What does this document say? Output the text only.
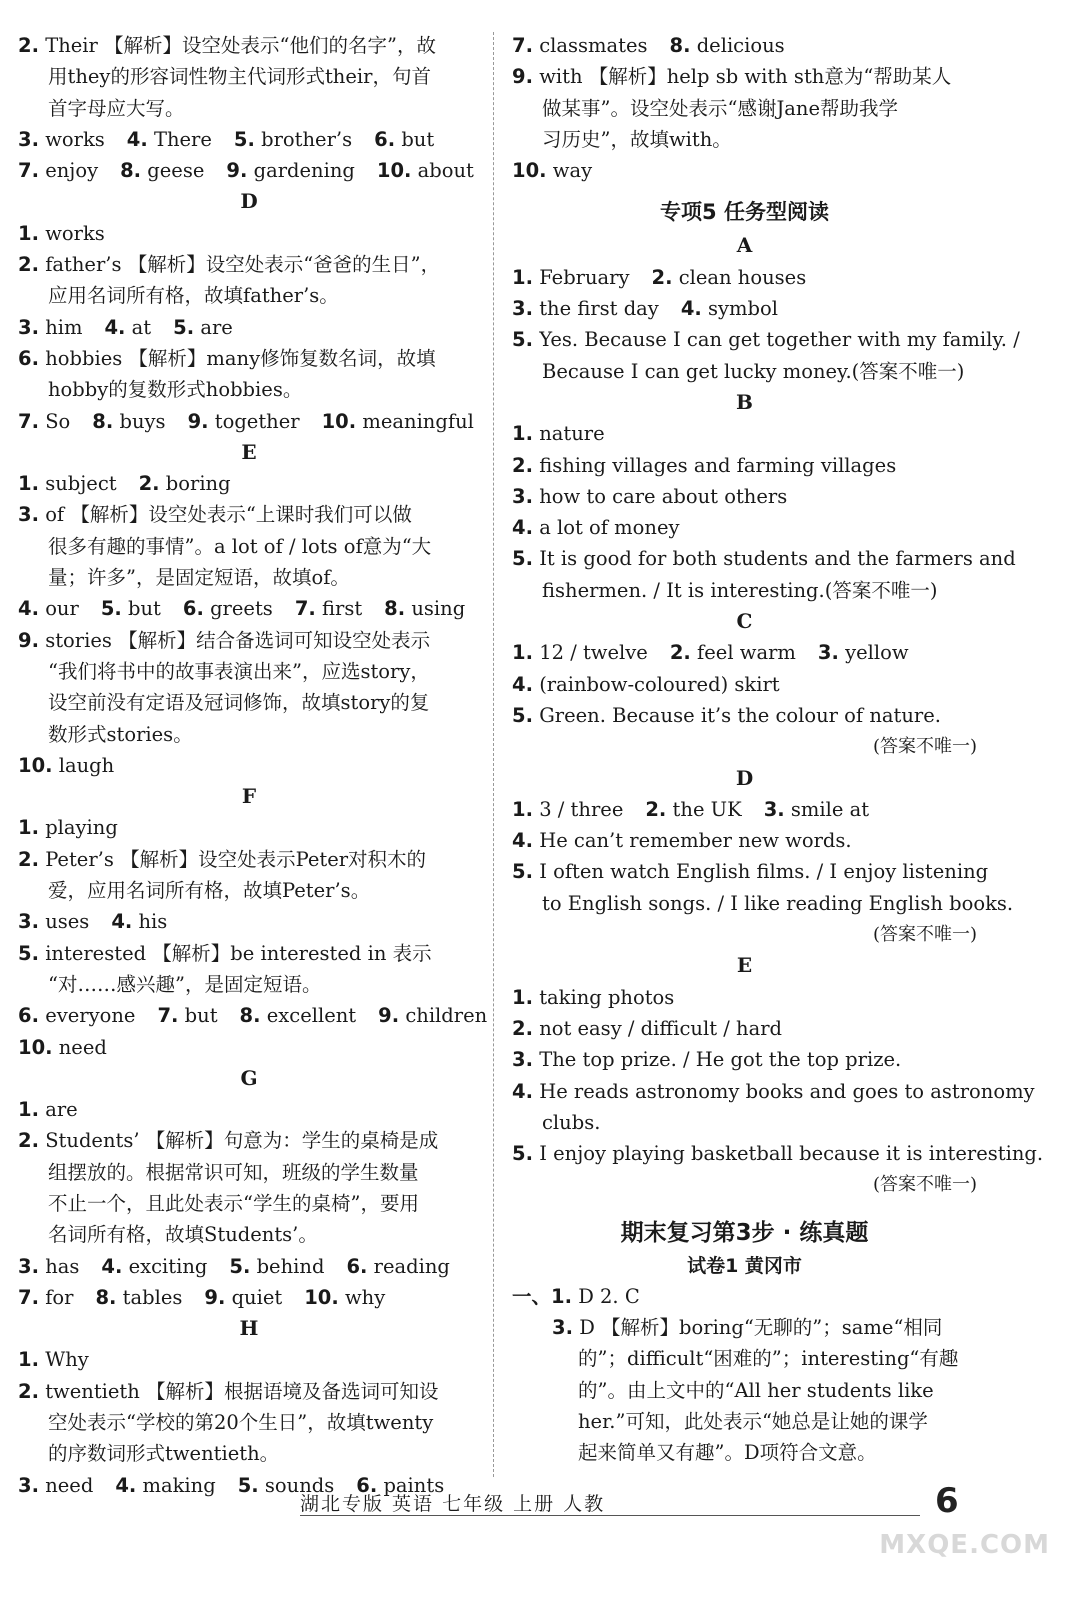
2. Their 【解析】设空处表示“他们的名字”，故
用they的形容词性物主代词形式their，句首
首字母应大写。
3. works 4. There 5. brother’s 6. but
7. enjoy 8. geese 9. gardening 10. about
D
1. works
2. father’s 【解析】设空处表示“爸爸的生日”，
应用名词所有格，故填father’s。
3. him 4. at 5. are
6. hobbies 【解析】many修饰复数名词，故填
hobby的复数形式hobbies。
7. So 8. buys 9. together 10. meaningful
E
1. subject 2. boring
3. of 【解析】设空处表示“上课时我们可以做
很多有趣的事情”。a lot of / lots of意为“大
量；许多”，是固定短语，故填of。
4. our 5. but 6. greets 7. first 8. using
9. stories 【解析】结合备选词可知设空处表示
“我们将书中的故事表演出来”，应选story，
设空前没有定语及冠词修饰，故填story的复
数形式stories。
10. laugh
F
1. playing
2. Peter’s 【解析】设空处表示Peter对积木的
爱，应用名词所有格，故填Peter’s。
3. uses 4. his
5. interested 【解析】be interested in 表示
“对……感兴趣”，是固定短语。
6. everyone 7. but 8. excellent 9. children
10. need
G
1. are
2. Students’ 【解析】句意为：学生的桌椅是成
组摆放的。根据常识可知，班级的学生数量
不止一个，且此处表示“学生的桌椅”，要用
名词所有格，故填Students’。
3. has 4. exciting 5. behind 6. reading
7. for 8. tables 9. quiet 10. why
H
1. Why
2. twentieth 【解析】根据语境及备选词可知设
空处表示“学校的第20个生日”，故填twenty
的序数词形式twentieth。
3. need 4. making 5. sounds 6. paints
7. classmates 8. delicious
9. with 【解析】help sb with sth意为“帮助某人
做某事”。设空处表示“感谢Jane帮助我学
习历史”，故填with。
10. way
专项5 任务型阅读
A
1. February 2. clean houses
3. the first day 4. symbol
5. Yes. Because I can get together with my family. /
Because I can get lucky money.(答案不唯一)
B
1. nature
2. fishing villages and farming villages
3. how to care about others
4. a lot of money
5. It is good for both students and the farmers and
fishermen. / It is interesting.(答案不唯一)
C
1. 12 / twelve 2. feel warm 3. yellow
4. (rainbow-coloured) skirt
5. Green. Because it’s the colour of nature.
(答案不唯一)
D
1. 3 / three 2. the UK 3. smile at
4. He can’t remember new words.
5. I often watch English films. / I enjoy listening
to English songs. / I like reading English books.
(答案不唯一)
E
1. taking photos
2. not easy / difficult / hard
3. The top prize. / He got the top prize.
4. He reads astronomy books and goes to astronomy
clubs.
5. I enjoy playing basketball because it is interesting.
(答案不唯一)
期末复习第3步 · 练真题
试卷1 黄冈市
一、1. D 2. C
3. D 【解析】boring“无聊的”；same“相同
的”；difficult“困难的”；interesting“有趣
的”。由上文中的“All her students like
her.”可知，此处表示“她总是让她的课学
起来简单又有趣”。D项符合文意。
湖北专版 英语 七年级 上册 人教	6
MXQE.COM
